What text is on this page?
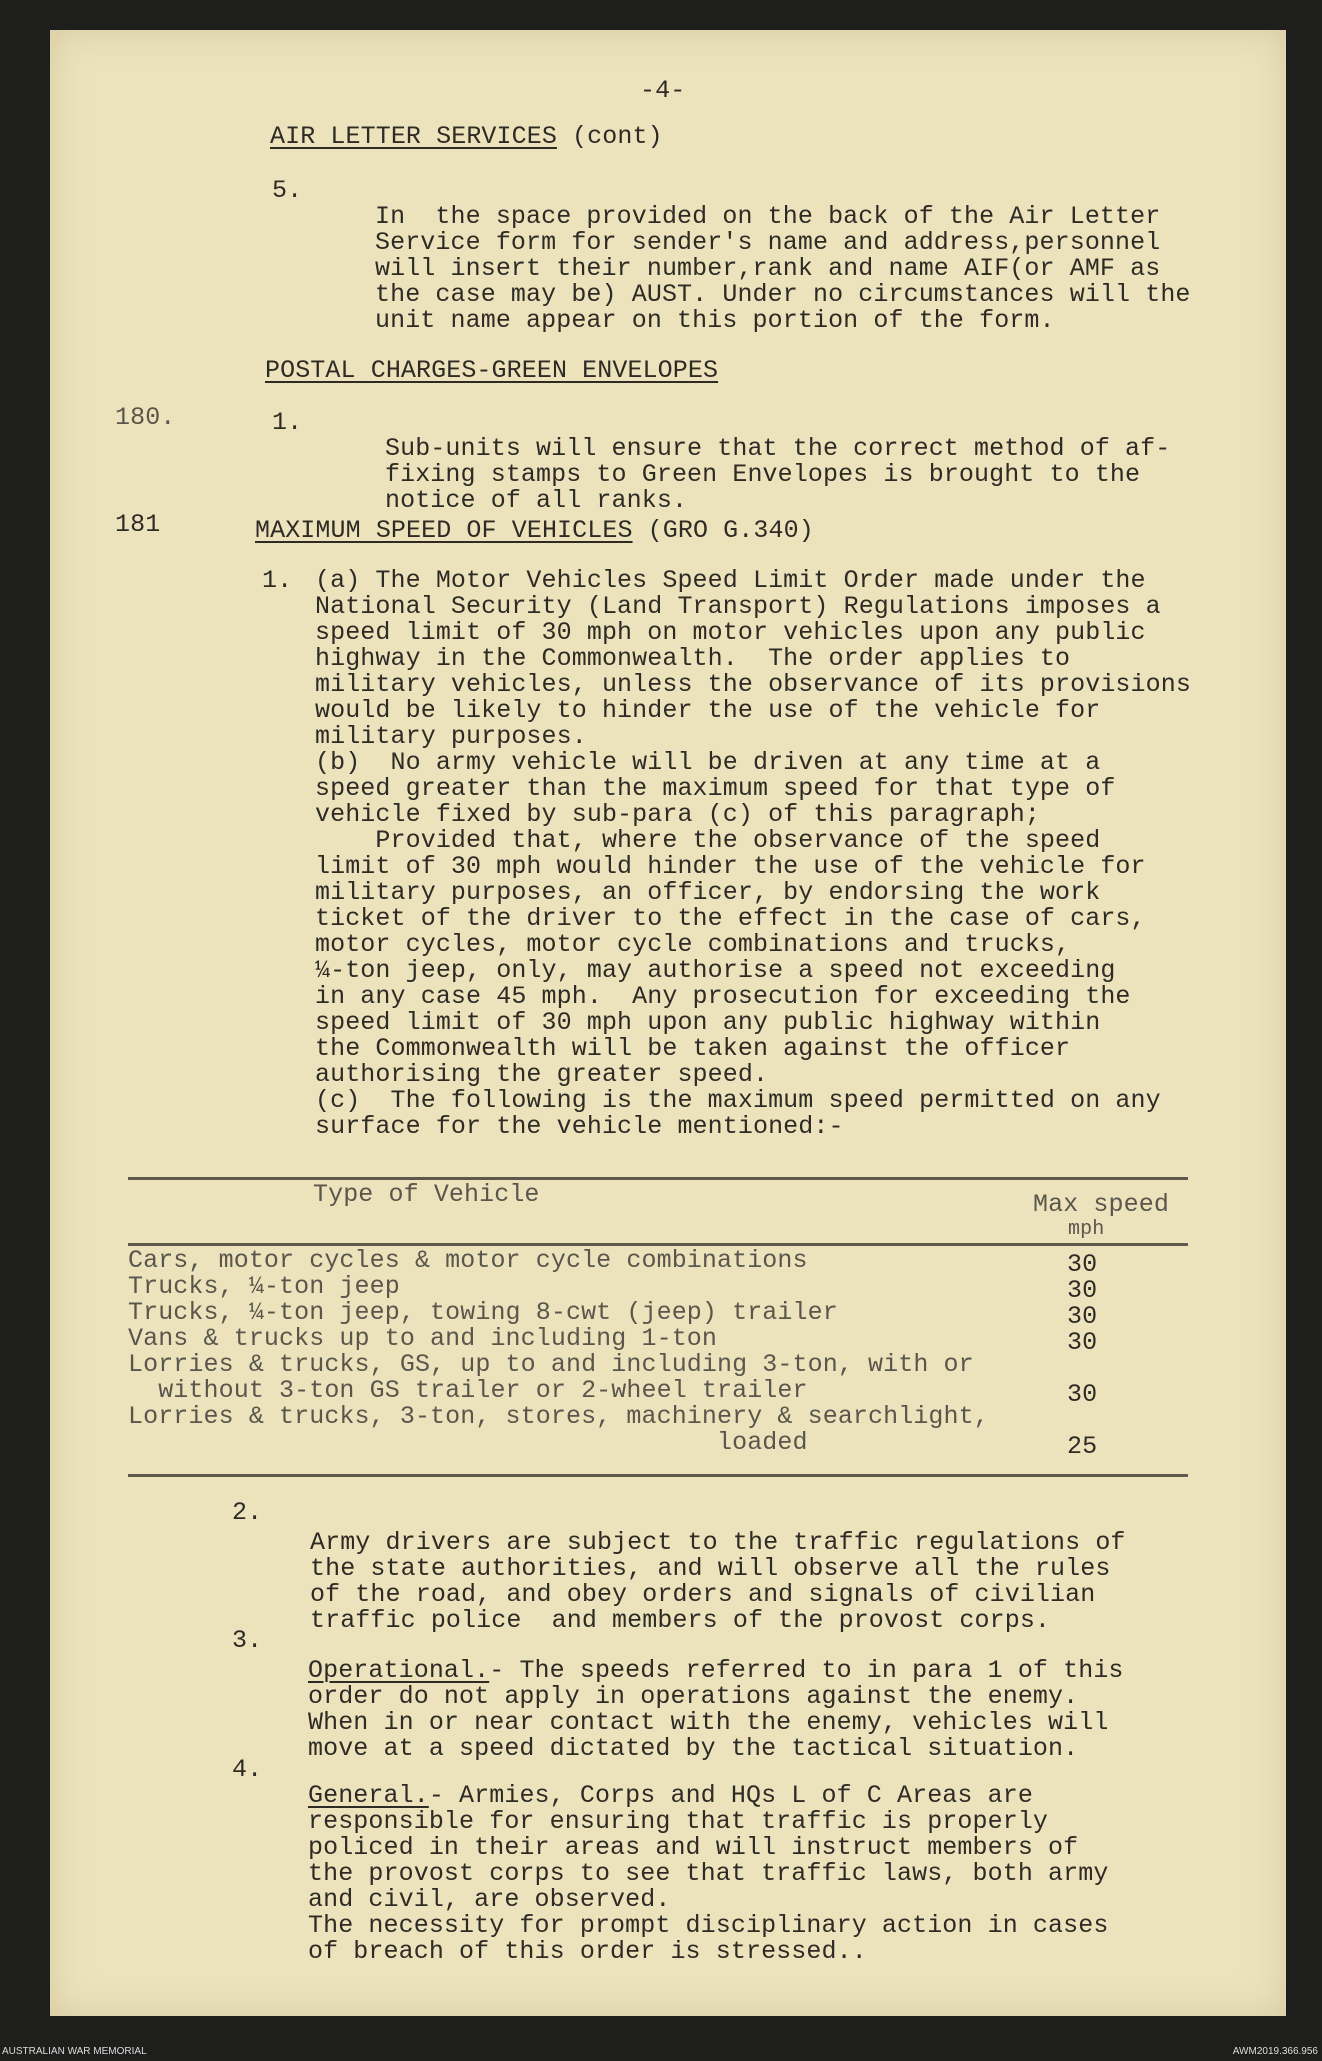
-4-
AIR LETTER SERVICES (cont)
5.

In  the space provided on the back of the Air Letter
Service form for sender's name and address,personnel
will insert their number,rank and name AIF(or AMF as
the case may be) AUST. Under no circumstances will the
unit name appear on this portion of the form.

POSTAL CHARGES-GREEN ENVELOPES
180.	1.

Sub-units will ensure that the correct method of af-
fixing stamps to Green Envelopes is brought to the
notice of all ranks.

181	MAXIMUM SPEED OF VEHICLES (GRO G.340)
1. (a) The Motor Vehicles Speed Limit Order made under the
National Security (Land Transport) Regulations imposes a
speed limit of 30 mph on motor vehicles upon any public
highway in the Commonwealth.  The order applies to
military vehicles, unless the observance of its provisions
would be likely to hinder the use of the vehicle for
military purposes.
(b)  No army vehicle will be driven at any time at a
speed greater than the maximum speed for that type of
vehicle fixed by sub-para (c) of this paragraph;
Provided that, where the observance of the speed
limit of 30 mph would hinder the use of the vehicle for
military purposes, an officer, by endorsing the work
ticket of the driver to the effect in the case of cars,
motor cycles, motor cycle combinations and trucks,
¼-ton jeep, only, may authorise a speed not exceeding
in any case 45 mph.  Any prosecution for exceeding the
speed limit of 30 mph upon any public highway within
the Commonwealth will be taken against the officer
authorising the greater speed.
(c)  The following is the maximum speed permitted on any
surface for the vehicle mentioned:-
Type of Vehicle	Max speed
mph
Cars, motor cycles & motor cycle combinations	30
Trucks, ¼-ton jeep	30
Trucks, ¼-ton jeep, towing 8-cwt (jeep) trailer	30
Vans & trucks up to and including 1-ton	30
Lorries & trucks, GS, up to and including 3-ton, with or
without 3-ton GS trailer or 2-wheel trailer	30
Lorries & trucks, 3-ton, stores, machinery & searchlight,
loaded	25
2.

Army drivers are subject to the traffic regulations of
the state authorities, and will observe all the rules
of the road, and obey orders and signals of civilian
traffic police  and members of the provost corps.

3.

Operational.- The speeds referred to in para 1 of this
order do not apply in operations against the enemy.
When in or near contact with the enemy, vehicles will
move at a speed dictated by the tactical situation.

4.

General.- Armies, Corps and HQs L of C Areas are
responsible for ensuring that traffic is properly
policed in their areas and will instruct members of
the provost corps to see that traffic laws, both army
and civil, are observed.
The necessity for prompt disciplinary action in cases
of breach of this order is stressed..

AUSTRALIAN WAR MEMORIAL	AWM2019.366.956
